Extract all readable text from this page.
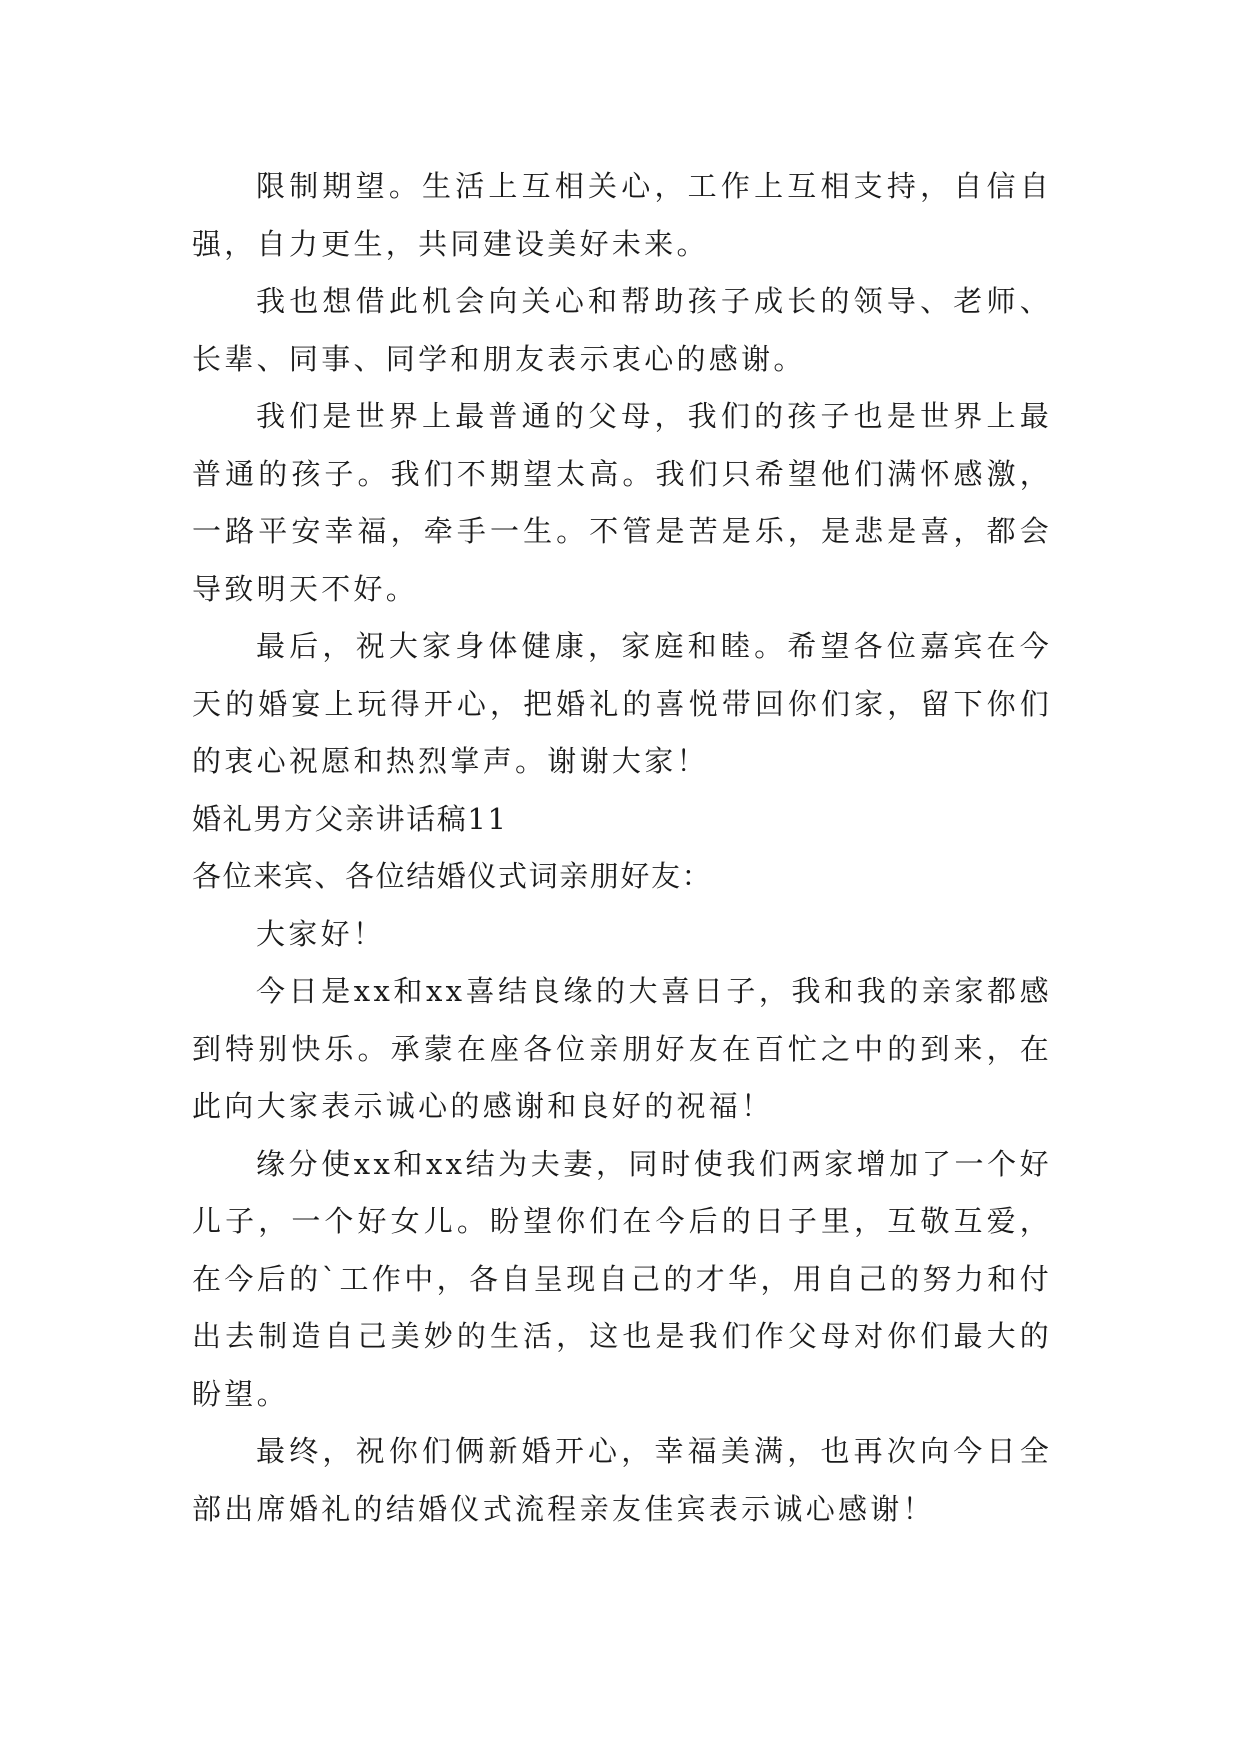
限制期望。生活上互相关心，工作上互相支持，自信自强，自力更生，共同建设美好未来。

我也想借此机会向关心和帮助孩子成长的领导、老师、长辈、同事、同学和朋友表示衷心的感谢。

我们是世界上最普通的父母，我们的孩子也是世界上最普通的孩子。我们不期望太高。我们只希望他们满怀感激，一路平安幸福，牵手一生。不管是苦是乐，是悲是喜，都会导致明天不好。

最后，祝大家身体健康，家庭和睦。希望各位嘉宾在今天的婚宴上玩得开心，把婚礼的喜悦带回你们家，留下你们的衷心祝愿和热烈掌声。谢谢大家！

婚礼男方父亲讲话稿11

各位来宾、各位结婚仪式词亲朋好友：

大家好！

今日是xx和xx喜结良缘的大喜日子，我和我的亲家都感到特别快乐。承蒙在座各位亲朋好友在百忙之中的到来，在此向大家表示诚心的感谢和良好的祝福！

缘分使xx和xx结为夫妻，同时使我们两家增加了一个好儿子，一个好女儿。盼望你们在今后的日子里，互敬互爱，在今后的`工作中，各自呈现自己的才华，用自己的努力和付出去制造自己美妙的生活，这也是我们作父母对你们最大的盼望。

最终，祝你们俩新婚开心，幸福美满，也再次向今日全部出席婚礼的结婚仪式流程亲友佳宾表示诚心感谢！
